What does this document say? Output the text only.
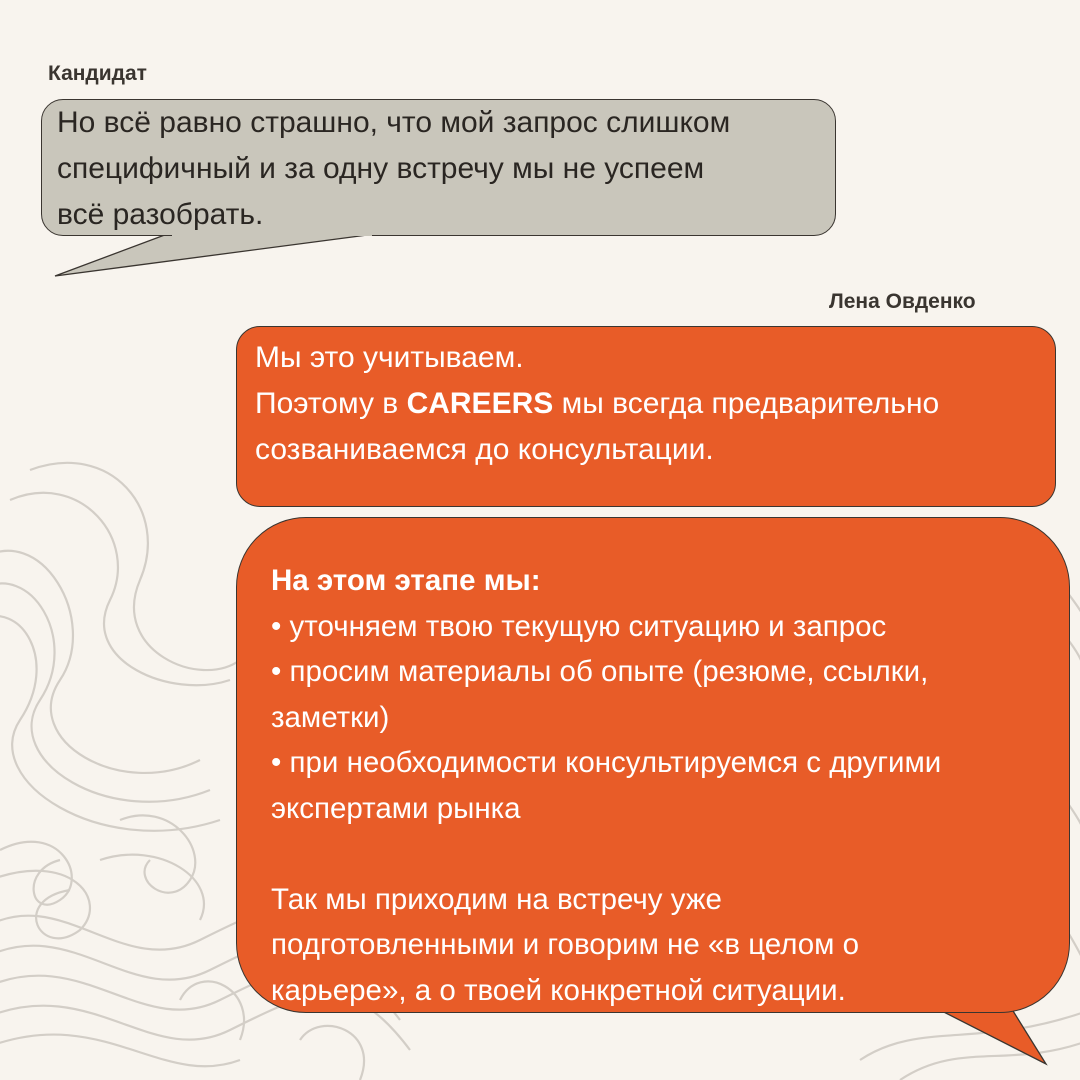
Кандидат
Но всё равно страшно, что мой запрос слишком
специфичный и за одну встречу мы не успеем
всё разобрать.
Лена Овденко
Мы это учитываем.
Поэтому в CAREERS мы всегда предварительно
созваниваемся до консультации.
На этом этапе мы:
• уточняем твою текущую ситуацию и запрос
• просим материалы об опыте (резюме, ссылки,
заметки)
• при необходимости консультируемся с другими
экспертами рынка
Так мы приходим на встречу уже
подготовленными и говорим не «в целом о
карьере», а о твоей конкретной ситуации.
